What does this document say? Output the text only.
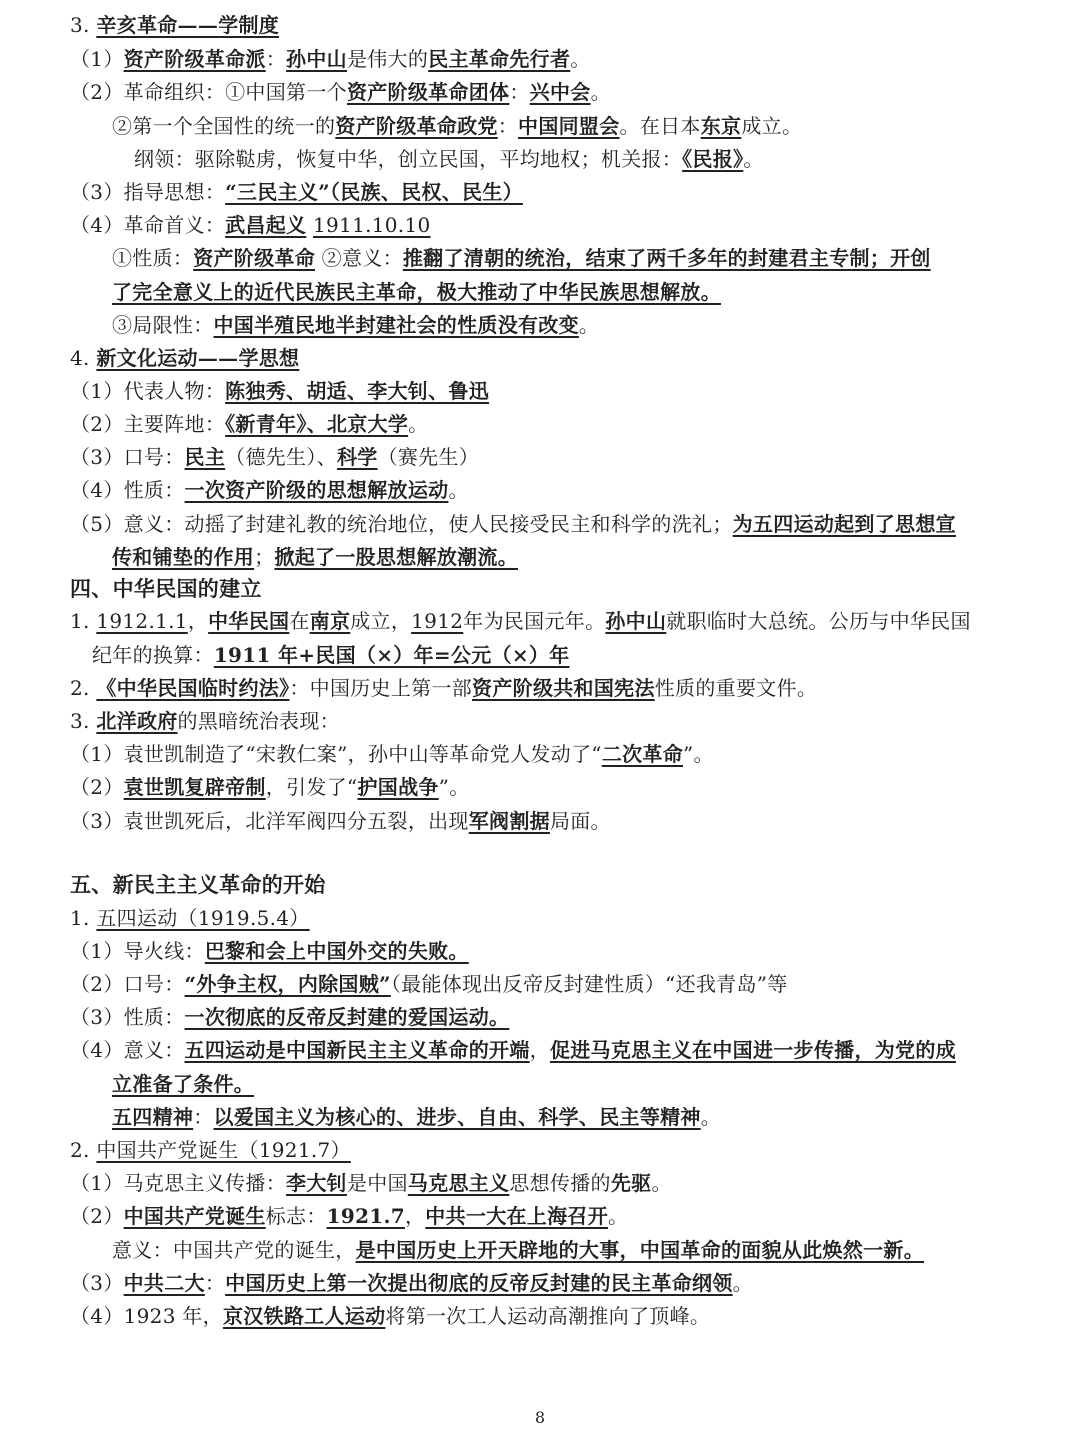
3. 辛亥革命——学制度
（1）资产阶级革命派：孙中山是伟大的民主革命先行者。
（2）革命组织：①中国第一个资产阶级革命团体：兴中会。
②第一个全国性的统一的资产阶级革命政党：中国同盟会。在日本东京成立。
纲领：驱除鞑虏，恢复中华，创立民国，平均地权；机关报：《民报》。
（3）指导思想：“三民主义”（民族、民权、民生）
（4）革命首义：武昌起义 1911.10.10
①性质：资产阶级革命 ②意义：推翻了清朝的统治，结束了两千多年的封建君主专制；开创
了完全意义上的近代民族民主革命，极大推动了中华民族思想解放。
③局限性：中国半殖民地半封建社会的性质没有改变。
4. 新文化运动——学思想
（1）代表人物：陈独秀、胡适、李大钊、鲁迅
（2）主要阵地：《新青年》、北京大学。
（3）口号：民主（德先生）、科学（赛先生）
（4）性质：一次资产阶级的思想解放运动。
（5）意义：动摇了封建礼教的统治地位，使人民接受民主和科学的洗礼；为五四运动起到了思想宣
传和铺垫的作用；掀起了一股思想解放潮流。
四、中华民国的建立
1. 1912.1.1，中华民国在南京成立，1912年为民国元年。孙中山就职临时大总统。公历与中华民国
纪年的换算：1911 年+民国（×）年=公元（×）年
2. 《中华民国临时约法》：中国历史上第一部资产阶级共和国宪法性质的重要文件。
3. 北洋政府的黑暗统治表现：
（1）袁世凯制造了“宋教仁案”，孙中山等革命党人发动了“二次革命”。
（2）袁世凯复辟帝制，引发了“护国战争”。
（3）袁世凯死后，北洋军阀四分五裂，出现军阀割据局面。
五、新民主主义革命的开始
1. 五四运动（1919.5.4）
（1）导火线：巴黎和会上中国外交的失败。
（2）口号：“外争主权，内除国贼”（最能体现出反帝反封建性质）“还我青岛”等
（3）性质：一次彻底的反帝反封建的爱国运动。
（4）意义：五四运动是中国新民主主义革命的开端，促进马克思主义在中国进一步传播，为党的成
立准备了条件。
五四精神：以爱国主义为核心的、进步、自由、科学、民主等精神。
2. 中国共产党诞生（1921.7）
（1）马克思主义传播：李大钊是中国马克思主义思想传播的先驱。
（2）中国共产党诞生标志：1921.7，中共一大在上海召开。
意义：中国共产党的诞生，是中国历史上开天辟地的大事，中国革命的面貌从此焕然一新。
（3）中共二大：中国历史上第一次提出彻底的反帝反封建的民主革命纲领。
（4）1923 年，京汉铁路工人运动将第一次工人运动高潮推向了顶峰。
8
